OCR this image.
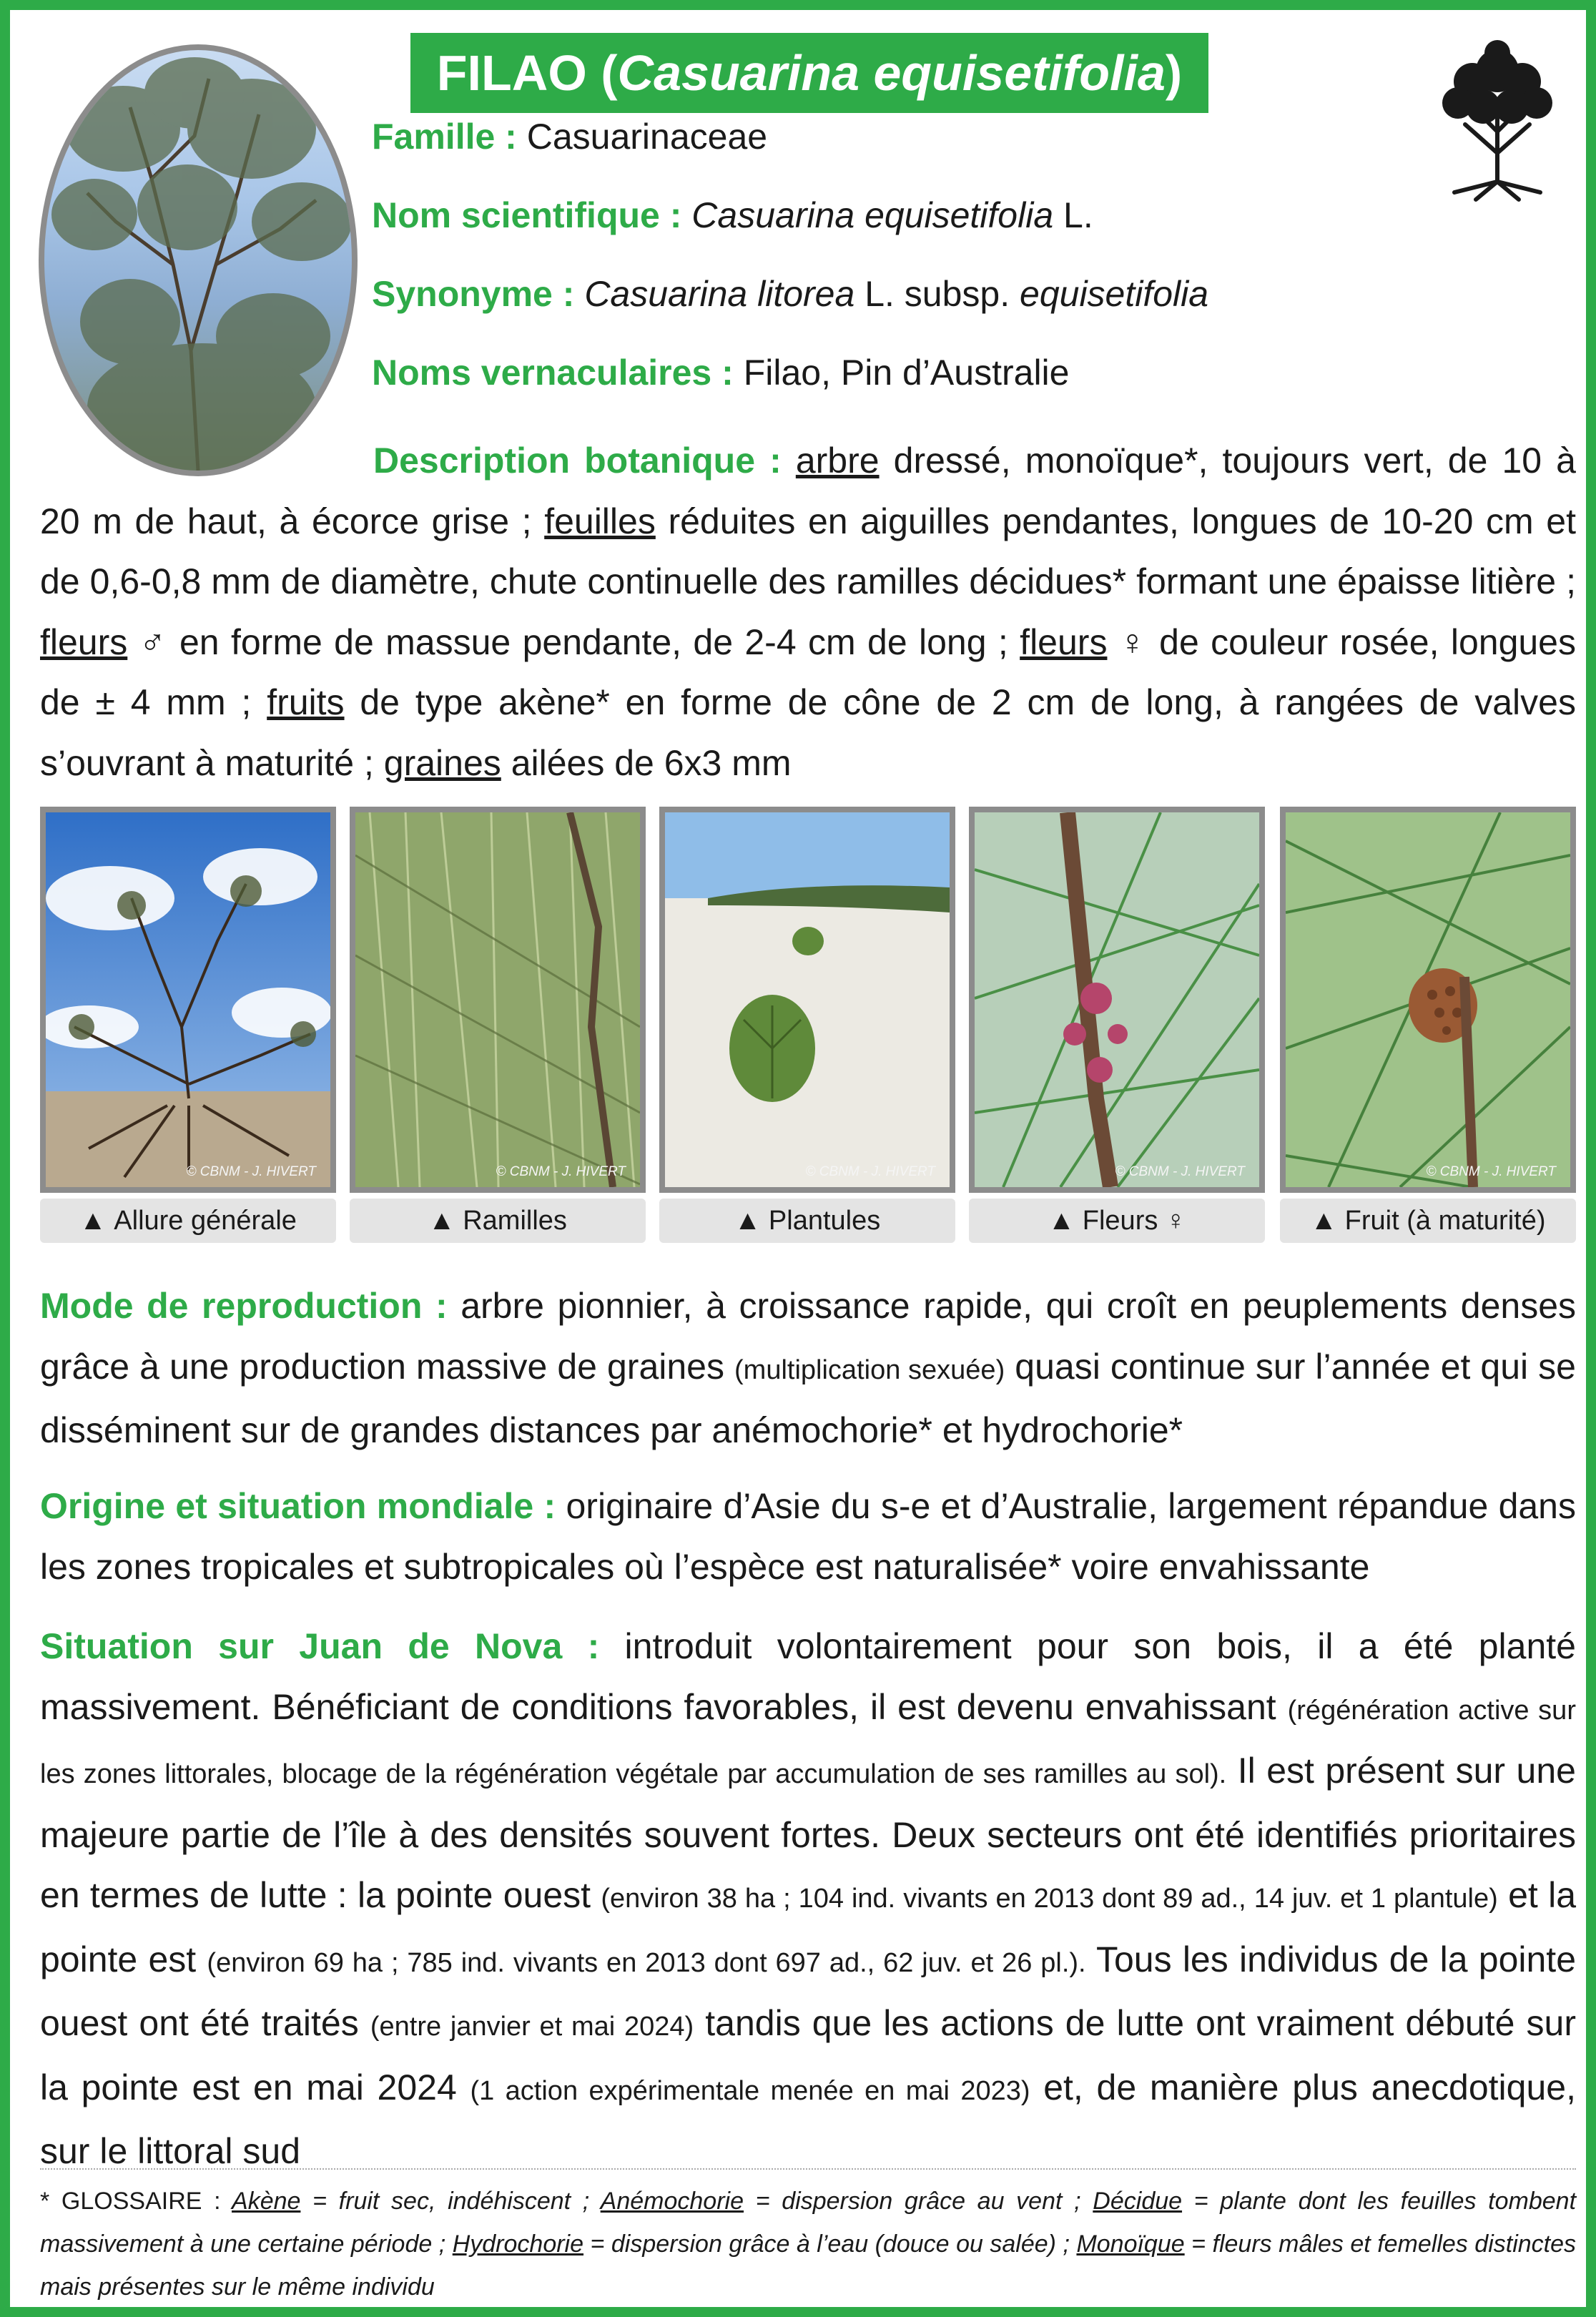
FILAO ( Casuarina equisetifolia )
Famille : Casuarinaceae
Nom scientifique : Casuarina equisetifolia L.
Synonyme : Casuarina litorea L. subsp. equisetifolia
Noms vernaculaires : Filao, Pin d’Australie
Description botanique : arbre dressé, monoïque*, toujours vert, de 10 à 20 m de haut, à écorce grise ; feuilles réduites en aiguilles pendantes, longues de 10-20 cm et de 0,6-0,8 mm de diamètre, chute continuelle des ramilles décidues* formant une épaisse litière ; fleurs ♂ en forme de massue pendante, de 2-4 cm de long ; fleurs ♀ de couleur rosée, longues de ± 4 mm ; fruits de type akène* en forme de cône de 2 cm de long, à rangées de valves s’ouvrant à maturité ; graines ailées de 6x3 mm
© CBNM - J. HIVERT
▲
Allure générale
© CBNM - J. HIVERT
▲
Ramilles
© CBNM - J. HIVERT
▲
Plantules
© CBNM - J. HIVERT
▲
Fleurs ♀
© CBNM - J. HIVERT
▲
Fruit (à maturité)
Mode de reproduction : arbre pionnier, à croissance rapide, qui croît en peuplements denses grâce à une production massive de graines (multiplication sexuée) quasi continue sur l’année et qui se disséminent sur de grandes distances par anémochorie* et hydrochorie*
Origine et situation mondiale : originaire d’Asie du s-e et d’Australie, largement répandue dans les zones tropicales et subtropicales où l’espèce est naturalisée* voire envahissante
Situation sur Juan de Nova : introduit volontairement pour son bois, il a été planté massivement. Bénéficiant de conditions favorables, il est devenu envahissant (régénération active sur les zones littorales, blocage de la régénération végétale par accumulation de ses ramilles au sol). Il est présent sur une majeure partie de l’île à des densités souvent fortes. Deux secteurs ont été identifiés prioritaires en termes de lutte : la pointe ouest (environ 38 ha ; 104 ind. vivants en 2013 dont 89 ad., 14 juv. et 1 plantule) et la pointe est (environ 69 ha ; 785 ind. vivants en 2013 dont 697 ad., 62 juv. et 26 pl.). Tous les individus de la pointe ouest ont été traités (entre janvier et mai 2024) tandis que les actions de lutte ont vraiment débuté sur la pointe est en mai 2024 (1 action expérimentale menée en mai 2023) et, de manière plus anecdotique, sur le littoral sud
* GLOSSAIRE : Akène = fruit sec, indéhiscent ; Anémochorie = dispersion grâce au vent ; Décidue = plante dont les feuilles tombent massivement à une certaine période ; Hydrochorie = dispersion grâce à l’eau (douce ou salée) ; Monoïque = fleurs mâles et femelles distinctes mais présentes sur le même individu
